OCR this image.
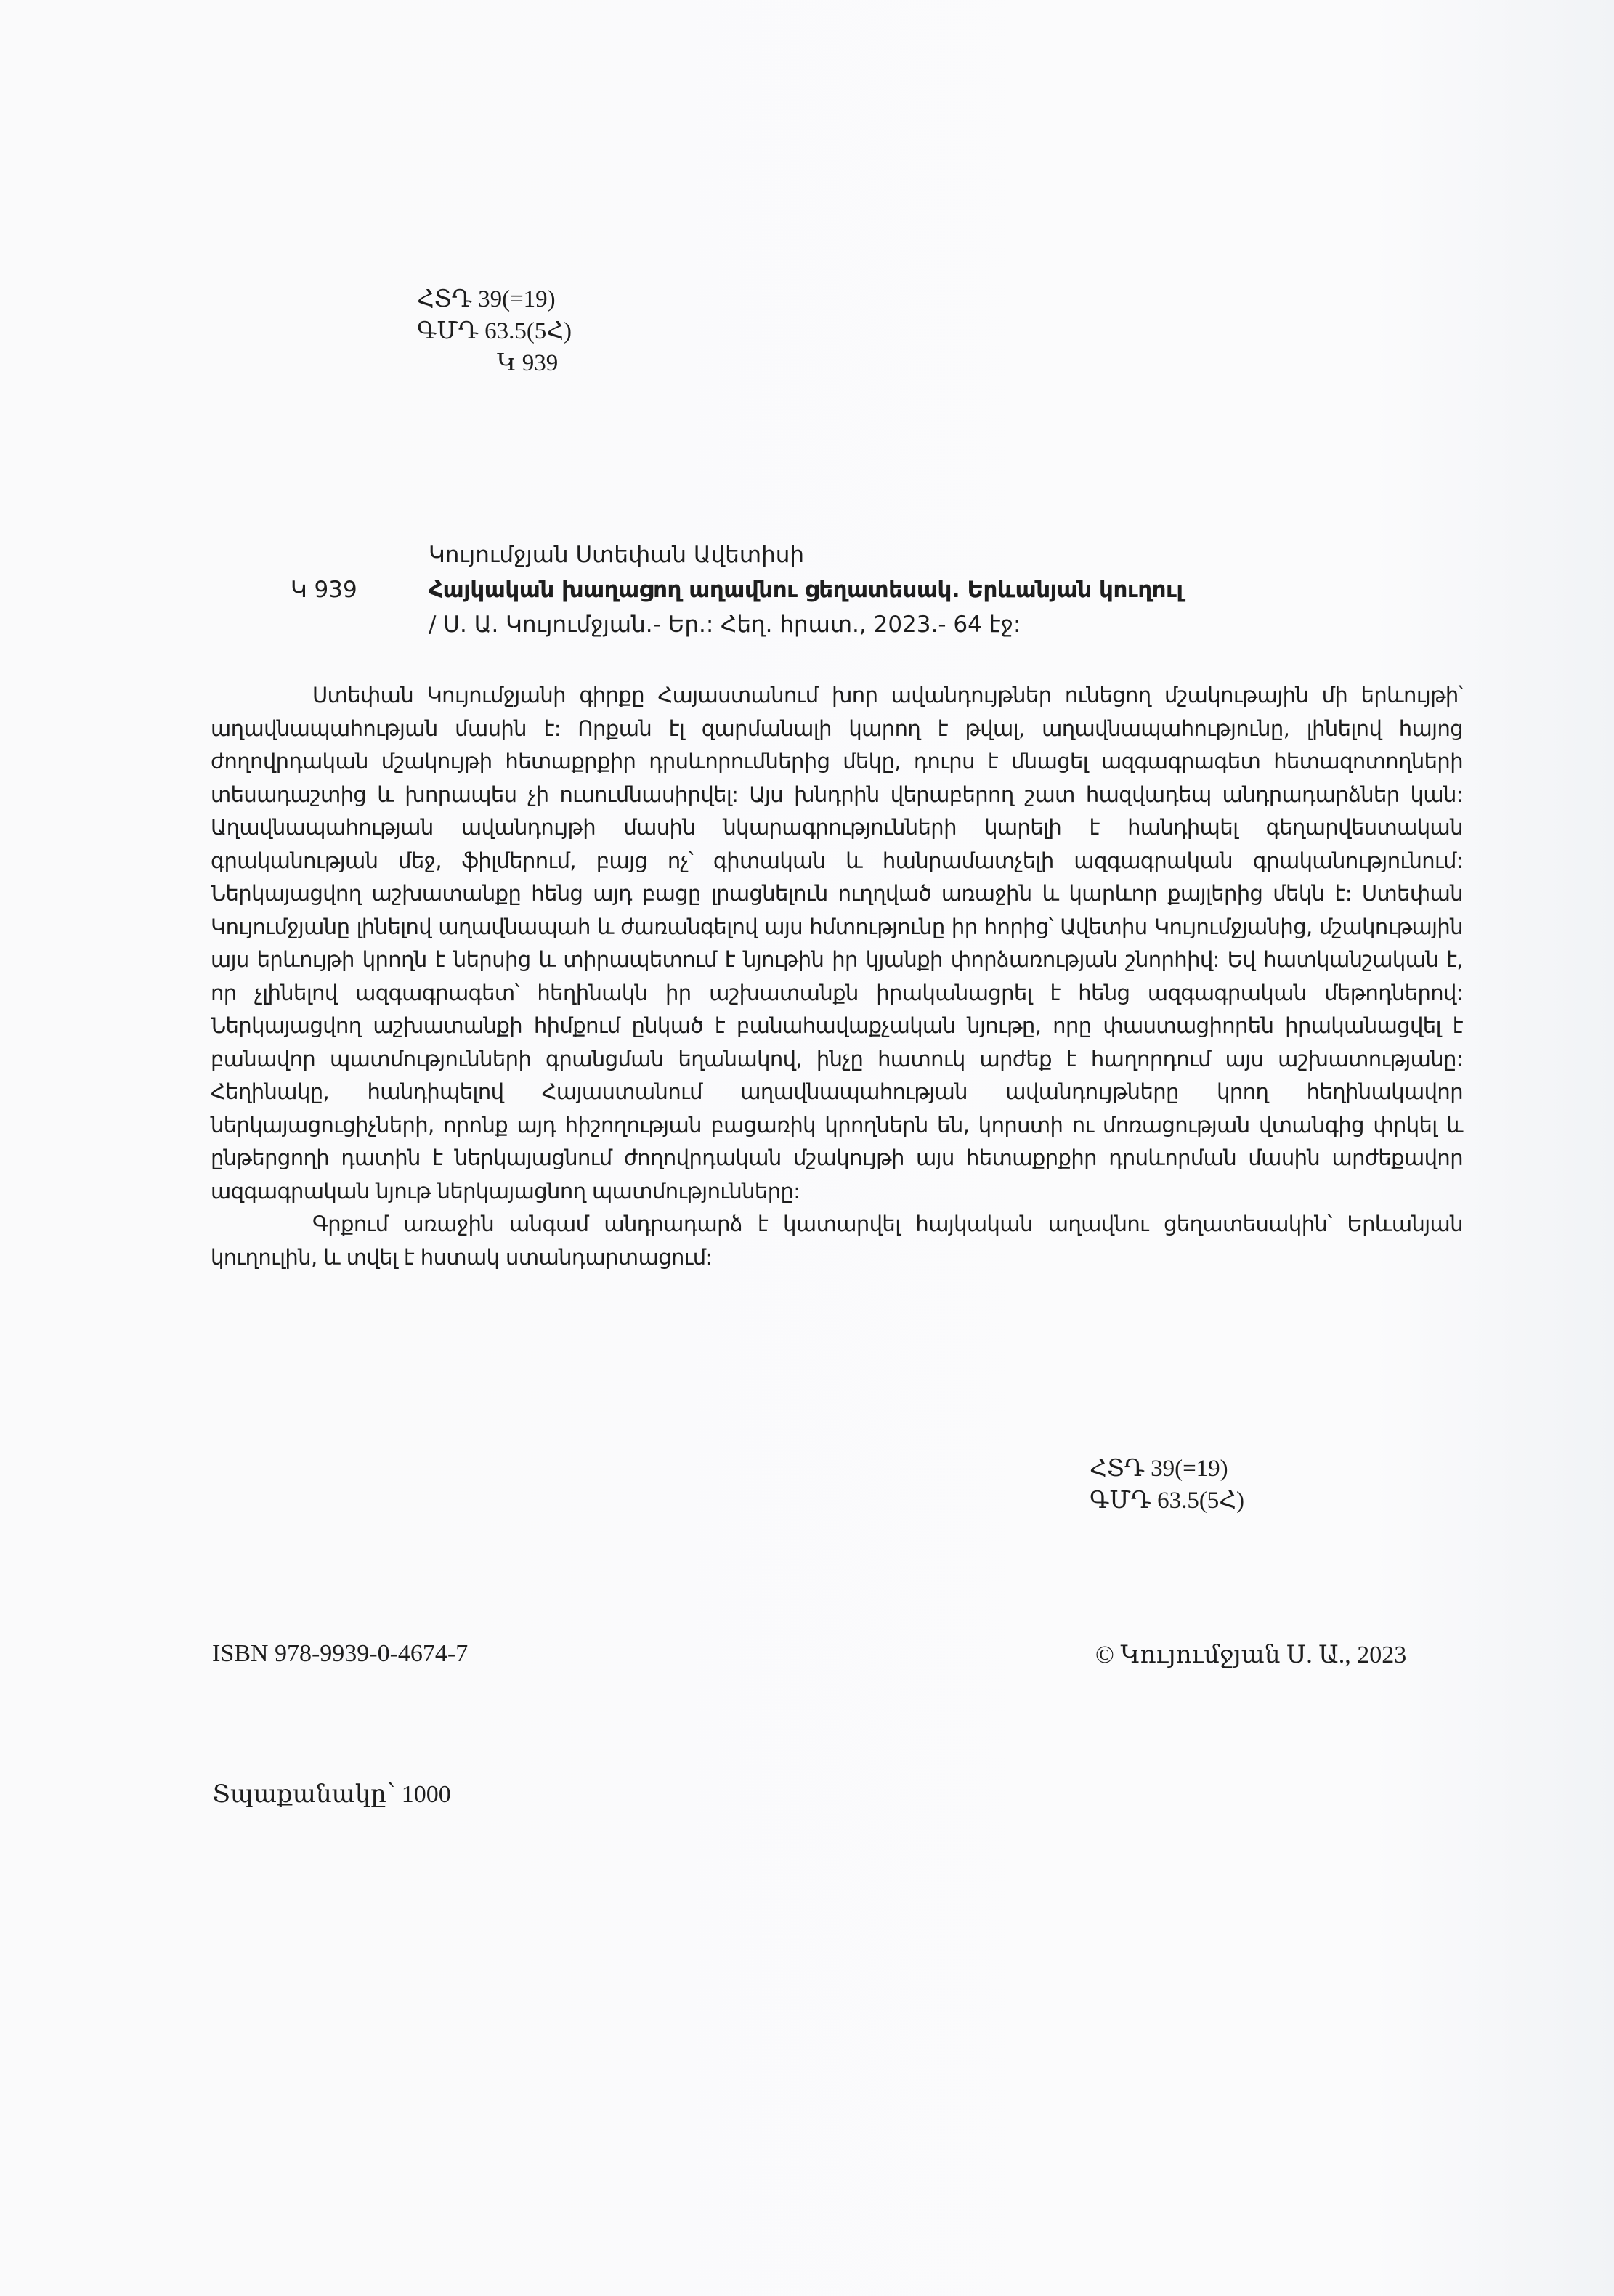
ՀՏԴ 39(=19)
ԳՄԴ 63.5(5Հ)
Կ 939
Կույումջյան Ստեփան Ավետիսի
Կ 939	Հայկական խաղացող աղավնու ցեղատեսակ. Երևանյան կուղուլ
/ Ս. Ա. Կույումջյան.- Եր.: Հեղ. հրատ., 2023.- 64 էջ:

Ստեփան Կույումջյանի գիրքը Հայաստանում խոր ավանդույթներ ունեցող մշակութային մի երևույթի՝ աղավնապահության մասին է: Որքան էլ զարմանալի կարող է թվալ, աղավնապահությունը, լինելով հայոց ժողովրդական մշակույթի հետաքրքիր դրսևորումներից մեկը, դուրս է մնացել ազգագրագետ հետազոտողների տեսադաշտից և խորապես չի ուսումնասիրվել: Այս խնդրին վերաբերող շատ հազվադեպ անդրադարձներ կան: Աղավնապահության ավանդույթի մասին նկարագրությունների կարելի է հանդիպել գեղարվեստական գրականության մեջ, ֆիլմերում, բայց ոչ՝ գիտական և հանրամատչելի ազգագրական գրականությունում: Ներկայացվող աշխատանքը հենց այդ բացը լրացնելուն ուղղված առաջին և կարևոր քայլերից մեկն է: Ստեփան Կույումջյանը լինելով աղավնապահ և ժառանգելով այս հմտությունը իր հորից՝ Ավետիս Կույումջյանից, մշակութային այս երևույթի կրողն է ներսից և տիրապետում է նյութին իր կյանքի փորձառության շնորհիվ: Եվ հատկանշական է, որ չլինելով ազգագրագետ՝ հեղինակն իր աշխատանքն իրականացրել է հենց ազգագրական մեթոդներով: Ներկայացվող աշխատանքի հիմքում ընկած է բանահավաքչական նյութը, որը փաստացիորեն իրականացվել է բանավոր պատմությունների գրանցման եղանակով, ինչը հատուկ արժեք է հաղորդում այս աշխատությանը: Հեղինակը, հանդիպելով Հայաստանում աղավնապահության ավանդույթները կրող հեղինակավոր ներկայացուցիչների, որոնք այդ հիշողության բացառիկ կրողներն են, կորստի ու մոռացության վտանգից փրկել և ընթերցողի դատին է ներկայացնում ժողովրդական մշակույթի այս հետաքրքիր դրսևորման մասին արժեքավոր ազգագրական նյութ ներկայացնող պատմությունները:

Գրքում առաջին անգամ անդրադարձ է կատարվել հայկական աղավնու ցեղատեսակին՝ Երևանյան կուղուլին, և տվել է հստակ ստանդարտացում:

ՀՏԴ 39(=19)
ԳՄԴ 63.5(5Հ)
ISBN 978-9939-0-4674-7	© Կույումջյան Ս. Ա., 2023
Տպաքանակը՝ 1000
